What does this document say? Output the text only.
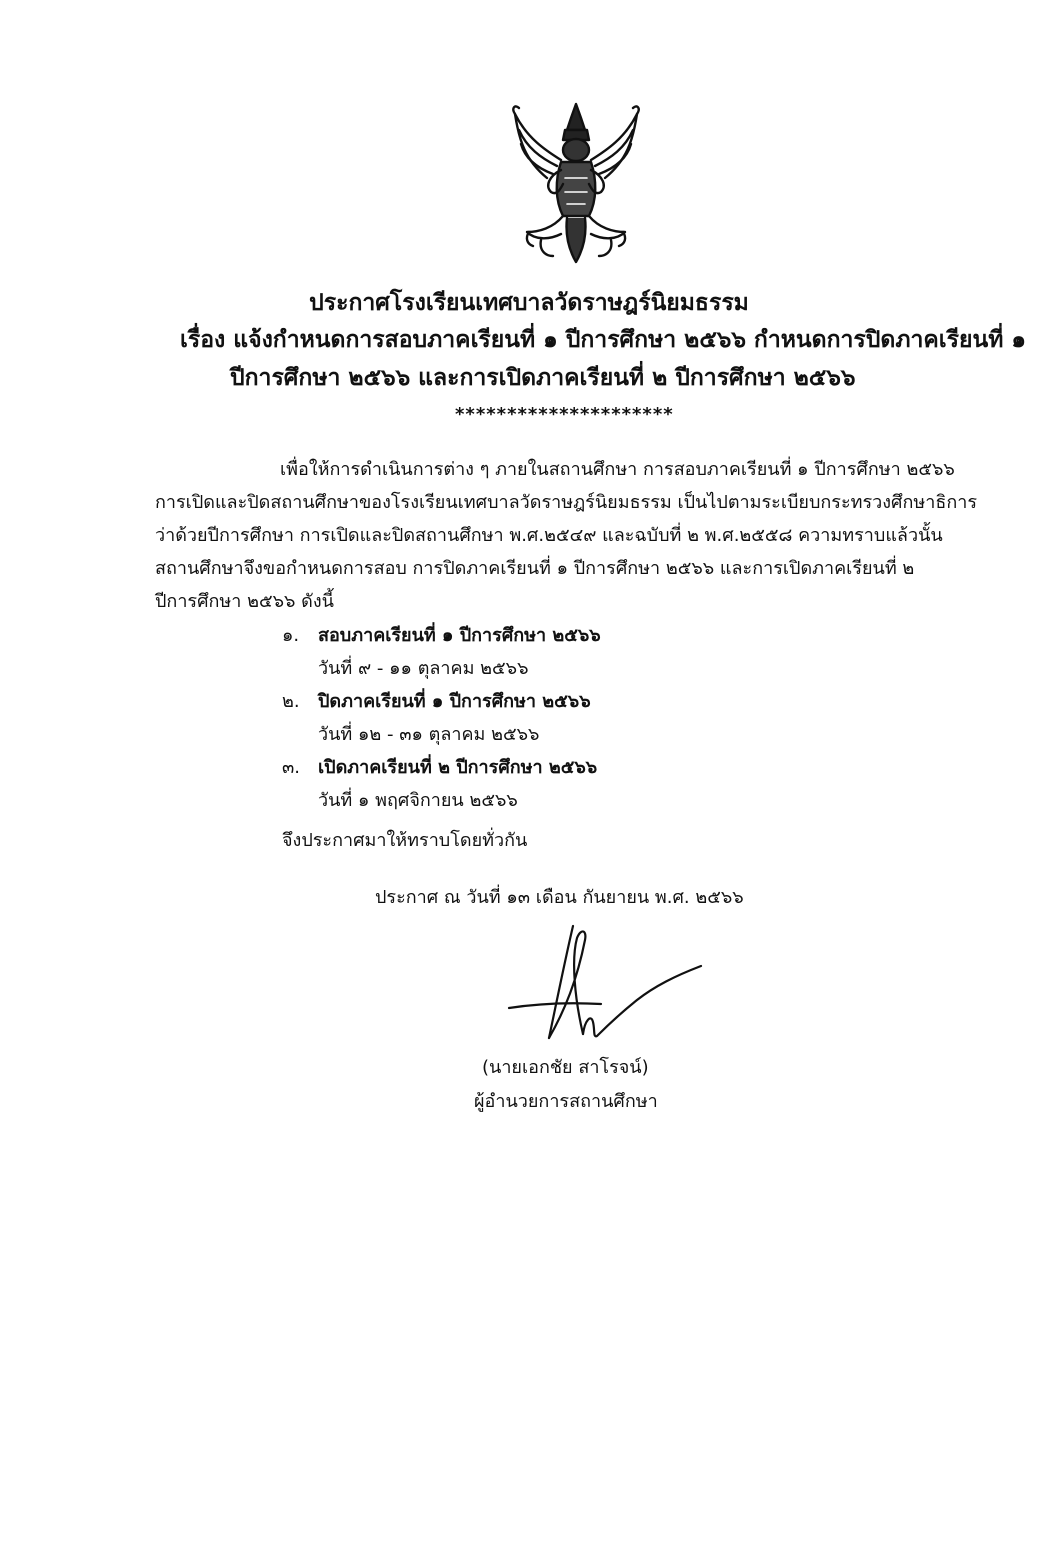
ประกาศโรงเรียนเทศบาลวัดราษฎร์นิยมธรรม
เรื่อง แจ้งกำหนดการสอบภาคเรียนที่ ๑ ปีการศึกษา ๒๕๖๖ กำหนดการปิดภาคเรียนที่ ๑
ปีการศึกษา ๒๕๖๖ และการเปิดภาคเรียนที่ ๒ ปีการศึกษา ๒๕๖๖
*********************
เพื่อให้การดำเนินการต่าง ๆ ภายในสถานศึกษา การสอบภาคเรียนที่ ๑ ปีการศึกษา ๒๕๖๖
การเปิดและปิดสถานศึกษาของโรงเรียนเทศบาลวัดราษฎร์นิยมธรรม เป็นไปตามระเบียบกระทรวงศึกษาธิการ
ว่าด้วยปีการศึกษา การเปิดและปิดสถานศึกษา พ.ศ.๒๕๔๙ และฉบับที่ ๒ พ.ศ.๒๕๕๘ ความทราบแล้วนั้น
สถานศึกษาจึงขอกำหนดการสอบ การปิดภาคเรียนที่ ๑ ปีการศึกษา ๒๕๖๖ และการเปิดภาคเรียนที่ ๒
ปีการศึกษา ๒๕๖๖ ดังนี้
๑. สอบภาคเรียนที่ ๑ ปีการศึกษา ๒๕๖๖
วันที่ ๙ - ๑๑ ตุลาคม ๒๕๖๖
๒. ปิดภาคเรียนที่ ๑ ปีการศึกษา ๒๕๖๖
วันที่ ๑๒ - ๓๑ ตุลาคม ๒๕๖๖
๓. เปิดภาคเรียนที่ ๒ ปีการศึกษา ๒๕๖๖
วันที่ ๑ พฤศจิกายน ๒๕๖๖
จึงประกาศมาให้ทราบโดยทั่วกัน
ประกาศ ณ วันที่ ๑๓ เดือน กันยายน พ.ศ. ๒๕๖๖
(นายเอกชัย สาโรจน์)
ผู้อำนวยการสถานศึกษา
